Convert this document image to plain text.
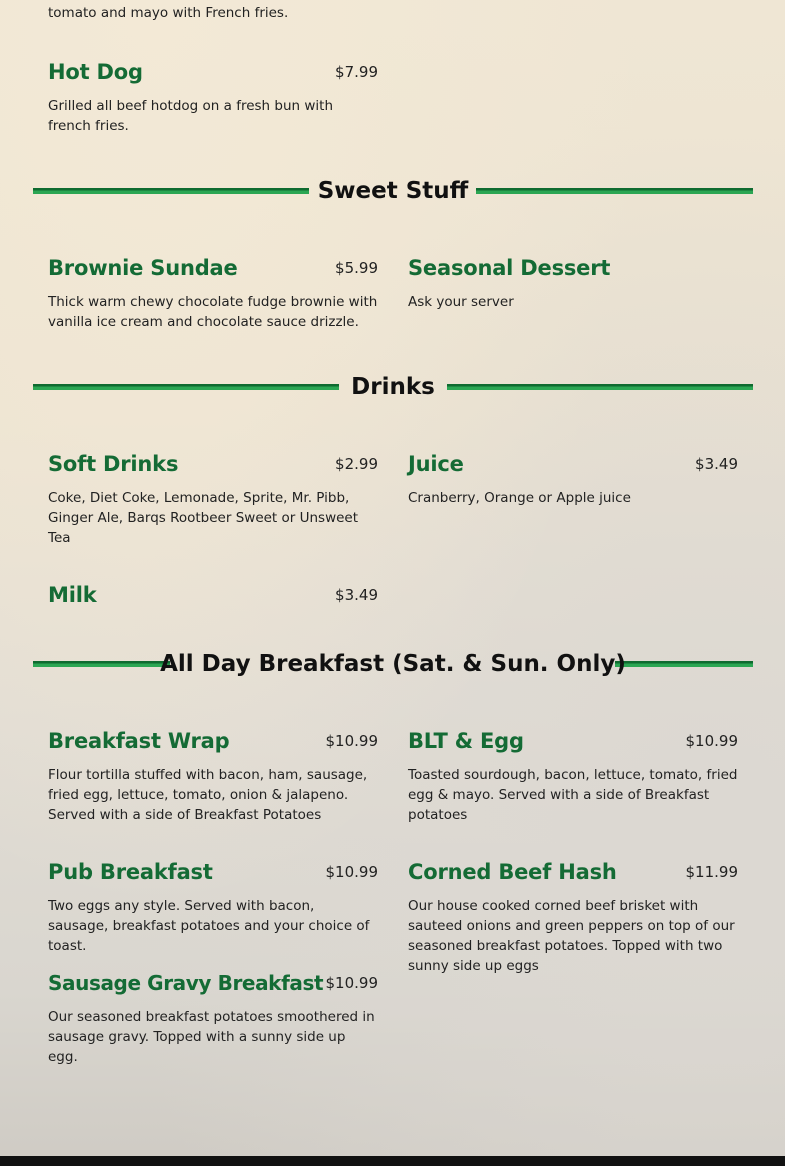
tomato and mayo with French fries.
Hot Dog	$7.99
Grilled all beef hotdog on a fresh bun with french fries.
Sweet Stuff
Brownie Sundae	$5.99
Thick warm chewy chocolate fudge brownie with vanilla ice cream and chocolate sauce drizzle.
Seasonal Dessert
Ask your server
Drinks
Soft Drinks	$2.99
Coke, Diet Coke, Lemonade, Sprite, Mr. Pibb, Ginger Ale, Barqs Rootbeer Sweet or Unsweet Tea
Juice	$3.49
Cranberry, Orange or Apple juice
Milk	$3.49
All Day Breakfast (Sat. & Sun. Only)
Breakfast Wrap	$10.99
Flour tortilla stuffed with bacon, ham, sausage, fried egg, lettuce, tomato, onion & jalapeno. Served with a side of Breakfast Potatoes
BLT & Egg	$10.99
Toasted sourdough, bacon, lettuce, tomato, fried egg & mayo. Served with a side of Breakfast potatoes
Pub Breakfast	$10.99
Two eggs any style. Served with bacon, sausage, breakfast potatoes and your choice of toast.
Corned Beef Hash	$11.99
Our house cooked corned beef brisket with sauteed onions and green peppers on top of our seasoned breakfast potatoes. Topped with two sunny side up eggs
Sausage Gravy Breakfast $10.99
Our seasoned breakfast potatoes smoothered in sausage gravy. Topped with a sunny side up egg.
